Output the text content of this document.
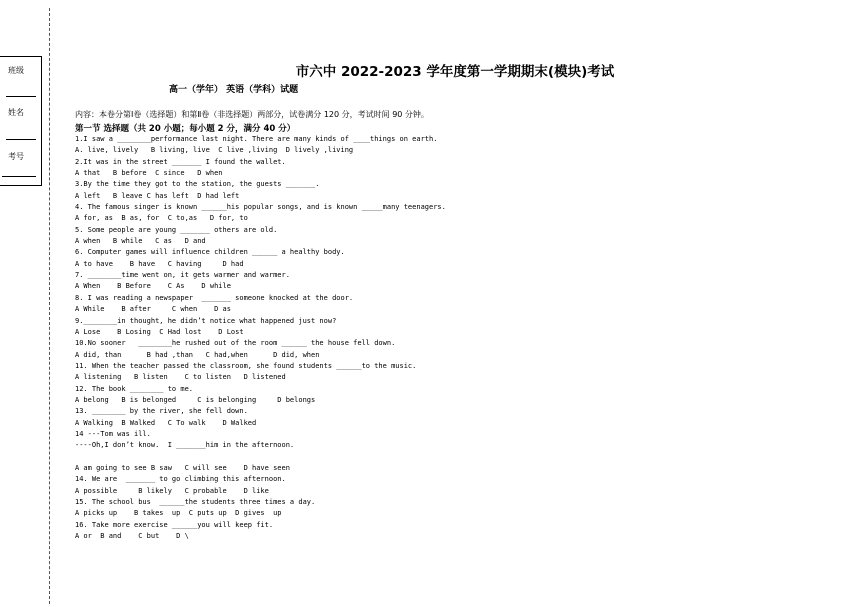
班级
姓名
考号
市六中 2022-2023 学年度第一学期期末(模块)考试
高一（学年） 英语（学科）试题
内容：本卷分第Ⅰ卷（选择题）和第Ⅱ卷（非选择题）两部分，试卷满分 120 分，考试时间 90 分钟。
第一节 选择题（共 20 小题；每小题 2 分，满分 40 分）
1.I saw a ________performance last night. There are many kinds of ____things on earth.
A. live, lively   B living, live  C live ,living  D lively ,living
2.It was in the street _______ I found the wallet.
A that   B before  C since   D when
3.By the time they got to the station, the guests _______.
A left   B leave C has left  D had left
4. The famous singer is known ______his popular songs, and is known _____many teenagers.
A for, as  B as, for  C to,as   D for, to
5. Some people are young _______ others are old.
A when   B while   C as   D and
6. Computer games will influence children ______ a healthy body.
A to have    B have   C having     D had
7. ________time went on, it gets warmer and warmer.
A When    B Before    C As    D while
8. I was reading a newspaper  _______ someone knocked at the door.
A While    B after     C when    D as
9.________in thought, he didn’t notice what happened just now?
A Lose    B Losing  C Had lost    D Lost
10.No sooner   ________he rushed out of the room ______ the house fell down.
A did, than      B had ,than   C had,when      D did, when
11. When the teacher passed the classroom, she found students ______to the music.
A listening   B listen    C to listen   D listened
12. The book ________ to me.
A belong   B is belonged     C is belonging     D belongs
13. ________ by the river, she fell down.
A Walking  B Walked   C To walk    D Walked
14 ---Tom was ill.
----Oh,I don’t know.  I _______him in the afternoon.
A am going to see B saw   C will see    D have seen
14. We are  _______ to go climbing this afternoon.
A possible     B likely   C probable    D like
15. The school bus  ______the students three times a day.
A picks up    B takes  up  C puts up  D gives  up
16. Take more exercise ______you will keep fit.
A or  B and    C but    D \
